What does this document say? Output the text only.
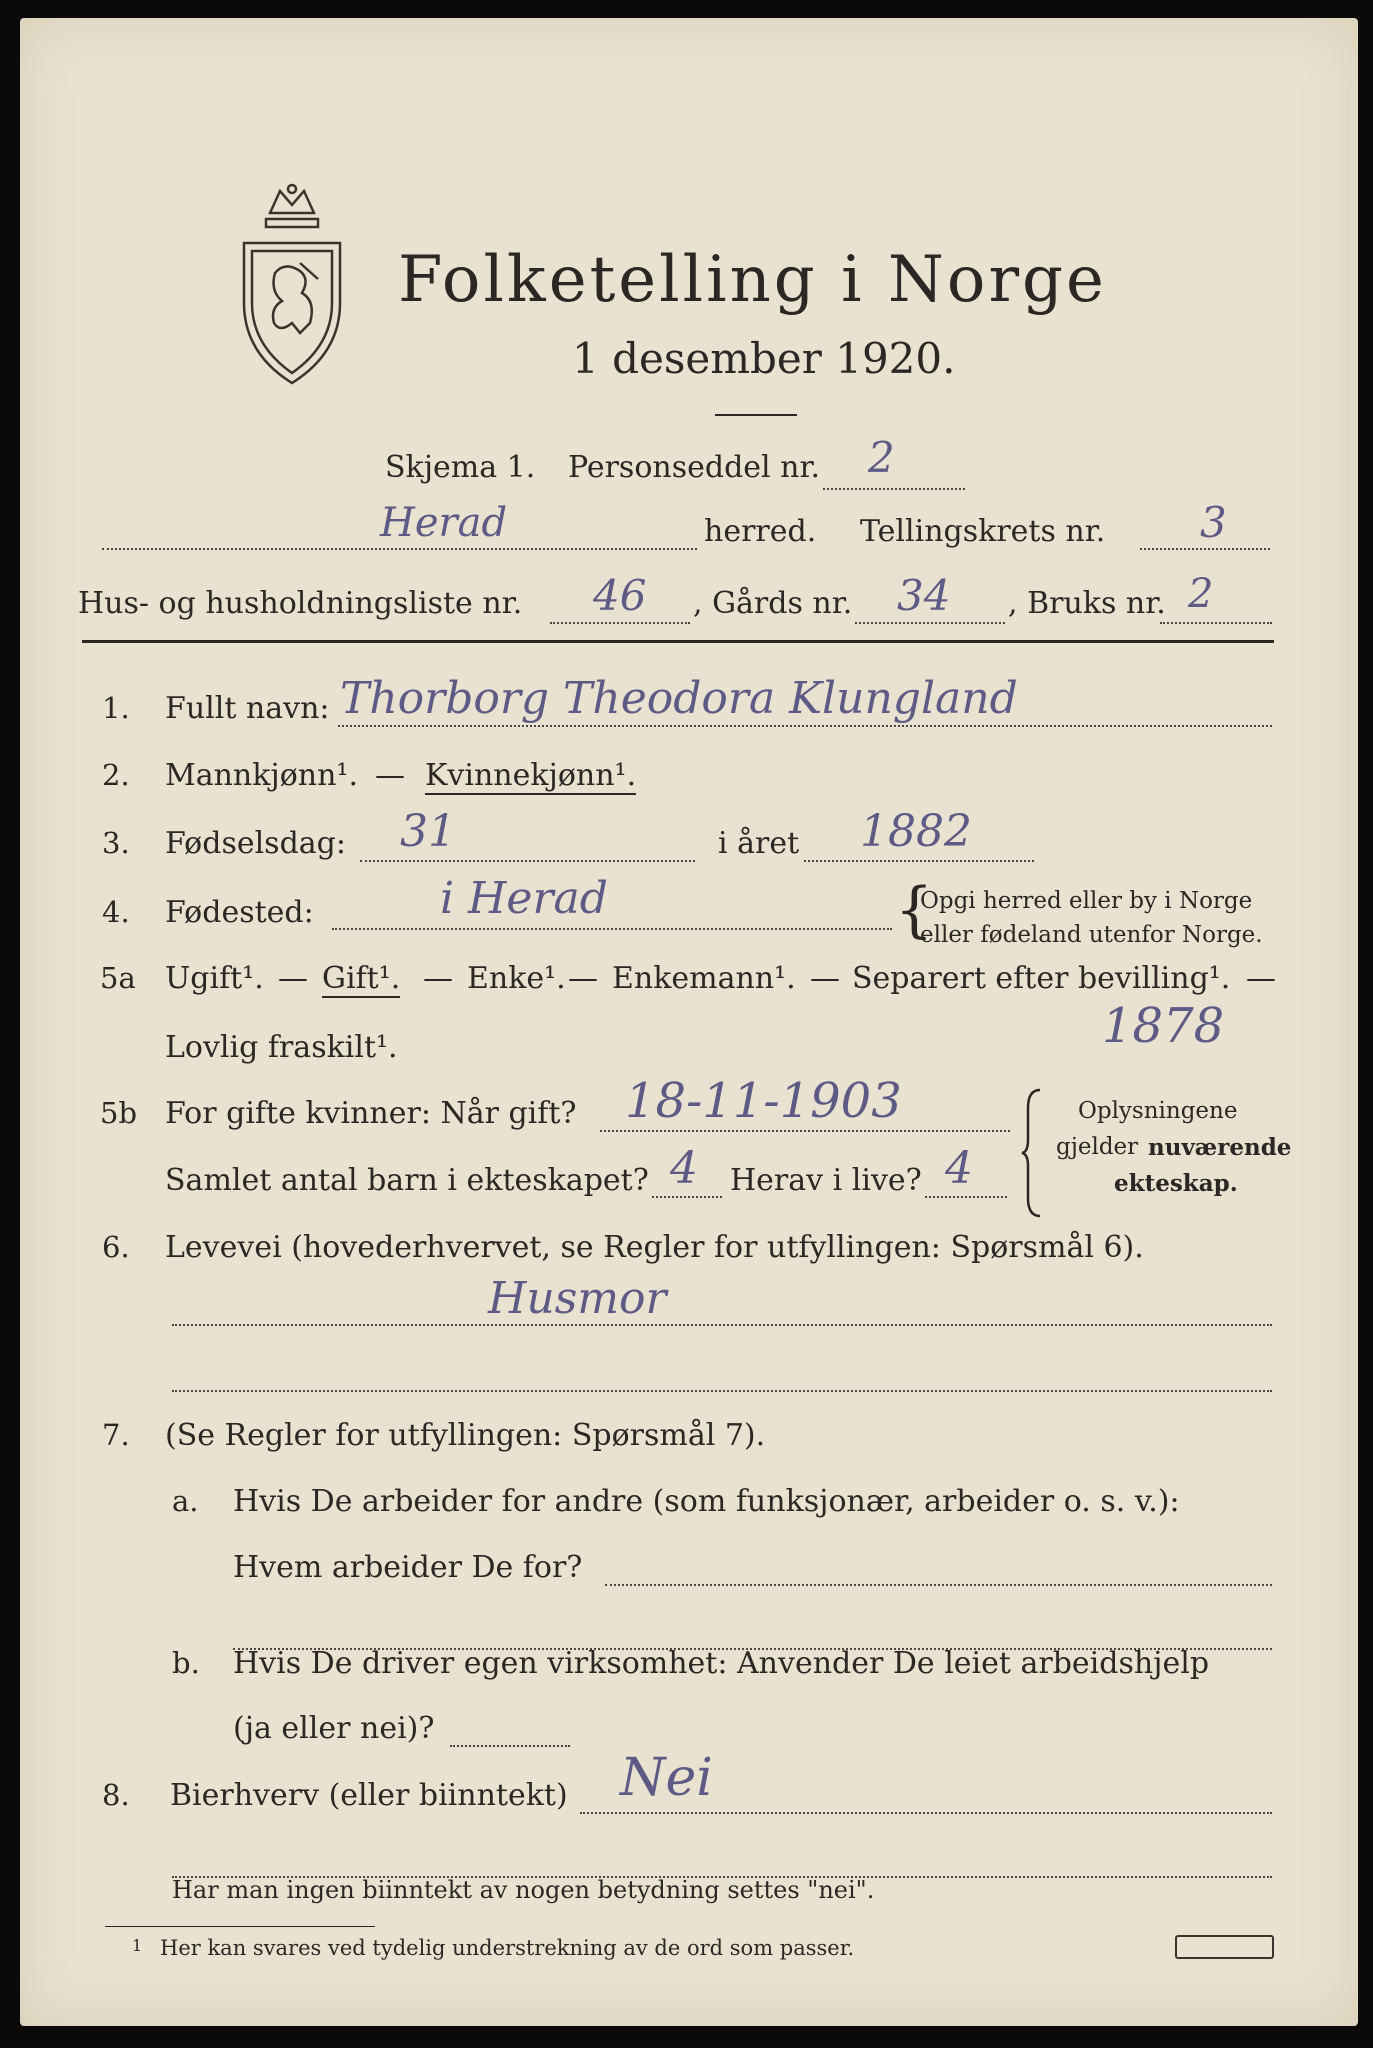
Folketelling i Norge
1 desember 1920.
Skjema 1. Personseddel nr. 2
Herad	herred. Tellingskrets nr. 3
Hus- og husholdningsliste nr. 46 , Gårds nr. 34 , Bruks nr. 2
1. Fullt navn: Thorborg Theodora Klungland
2. Mannkjønn¹. — Kvinnekjønn¹.
3. Fødselsdag: 31	i året 1882
4. Fødested:	i Herad	{
Opgi herred eller by i Norge
eller fødeland utenfor Norge.
5a Ugift¹. — Gift¹. — Enke¹. — Enkemann¹. — Separert efter bevilling¹. —
Lovlig fraskilt¹.	1878
5b For gifte kvinner: Når gift? 18-11-1903
Samlet antal barn i ekteskapet? 4 Herav i live? 4
Oplysningene
gjelder nuværende
ekteskap.
6. Levevei (hovederhvervet, se Regler for utfyllingen: Spørsmål 6).
Husmor
7. (Se Regler for utfyllingen: Spørsmål 7).
a. Hvis De arbeider for andre (som funksjonær, arbeider o. s. v.):
Hvem arbeider De for?
b. Hvis De driver egen virksomhet: Anvender De leiet arbeidshjelp
(ja eller nei)?
8. Bierhverv (eller biinntekt) Nei
Har man ingen biinntekt av nogen betydning settes "nei".
1 Her kan svares ved tydelig understrekning av de ord som passer.
